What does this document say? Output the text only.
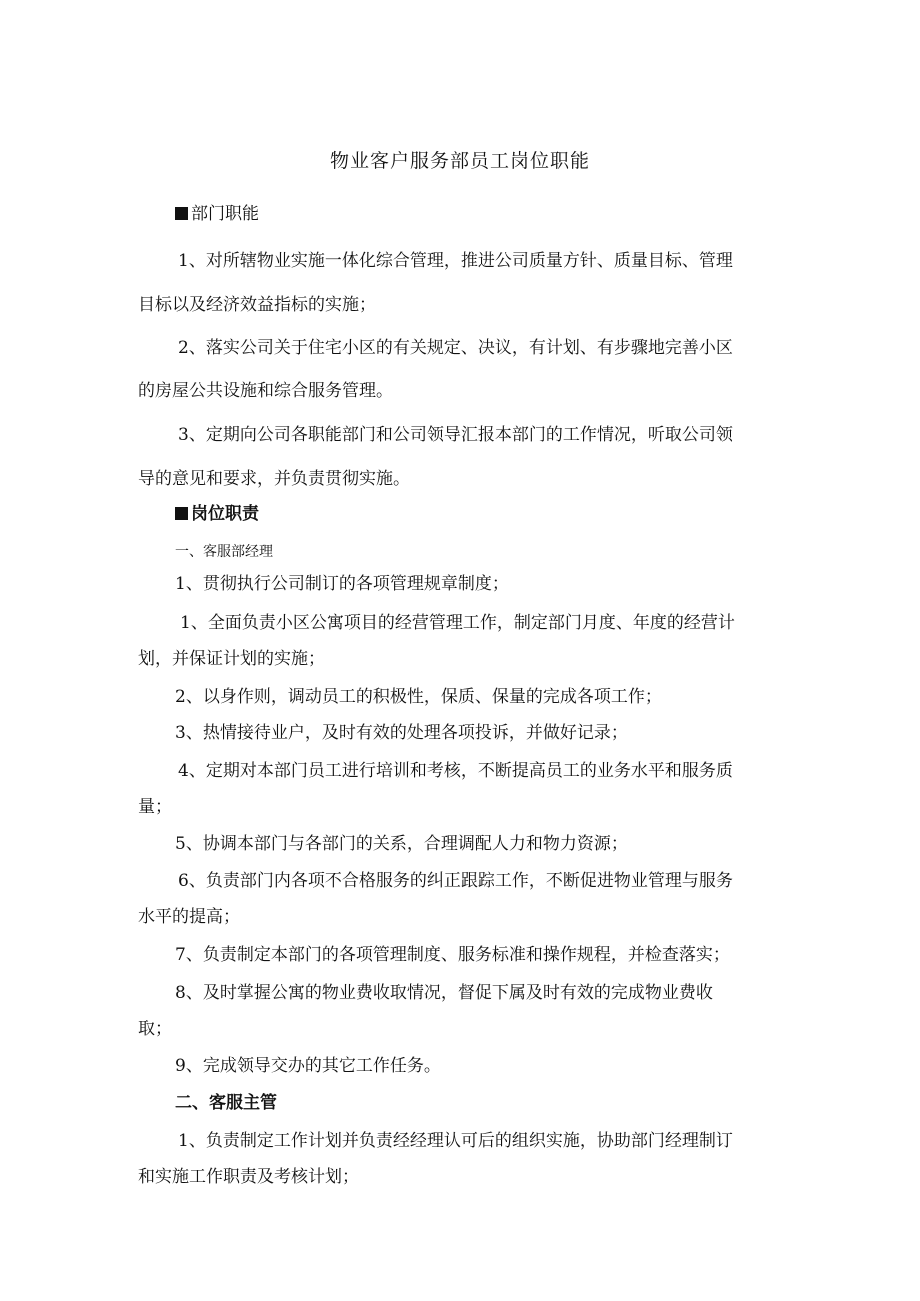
物业客户服务部员工岗位职能
部门职能
1、对所辖物业实施一体化综合管理，推进公司质量方针、质量目标、管理
目标以及经济效益指标的实施；
2、落实公司关于住宅小区的有关规定、决议，有计划、有步骤地完善小区
的房屋公共设施和综合服务管理。
3、定期向公司各职能部门和公司领导汇报本部门的工作情况，听取公司领
导的意见和要求，并负责贯彻实施。
岗位职责
一、客服部经理
1、贯彻执行公司制订的各项管理规章制度；
1、全面负责小区公寓项目的经营管理工作，制定部门月度、年度的经营计
划，并保证计划的实施；
2、以身作则，调动员工的积极性，保质、保量的完成各项工作；
3、热情接待业户，及时有效的处理各项投诉，并做好记录；
4、定期对本部门员工进行培训和考核，不断提高员工的业务水平和服务质
量；
5、协调本部门与各部门的关系，合理调配人力和物力资源；
6、负责部门内各项不合格服务的纠正跟踪工作，不断促进物业管理与服务
水平的提高；
7、负责制定本部门的各项管理制度、服务标准和操作规程，并检查落实；
8、及时掌握公寓的物业费收取情况，督促下属及时有效的完成物业费收
取；
9、完成领导交办的其它工作任务。
二、客服主管
1、负责制定工作计划并负责经经理认可后的组织实施，协助部门经理制订
和实施工作职责及考核计划；
